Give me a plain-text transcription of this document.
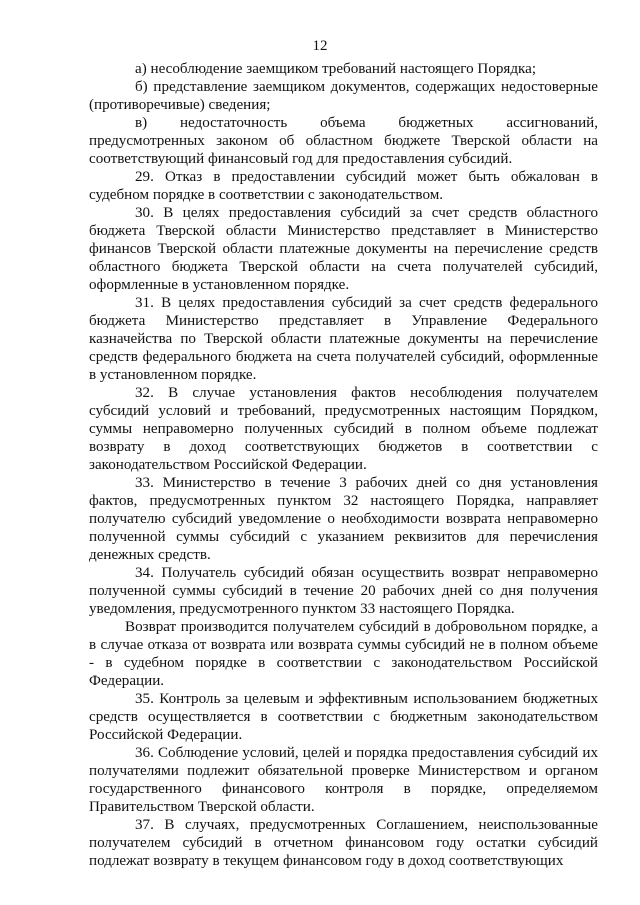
12

а) несоблюдение заемщиком требований настоящего Порядка;

б) представление заемщиком документов, содержащих недостоверные (противоречивые) сведения;

в) недостаточность объема бюджетных ассигнований, предусмотренных законом об областном бюджете Тверской области на соответствующий финансовый год для предоставления субсидий.

29. Отказ в предоставлении субсидий может быть обжалован в судебном порядке в соответствии с законодательством.

30. В целях предоставления субсидий за счет средств областного бюджета Тверской области Министерство представляет в Министерство финансов Тверской области платежные документы на перечисление средств областного бюджета Тверской области на счета получателей субсидий, оформленные в установленном порядке.

31. В целях предоставления субсидий за счет средств федерального бюджета Министерство представляет в Управление Федерального казначейства по Тверской области платежные документы на перечисление средств федерального бюджета на счета получателей субсидий, оформленные в установленном порядке.

32. В случае установления фактов несоблюдения получателем субсидий условий и требований, предусмотренных настоящим Порядком, суммы неправомерно полученных субсидий в полном объеме подлежат возврату в доход соответствующих бюджетов в соответствии с законодательством Российской Федерации.

33. Министерство в течение 3 рабочих дней со дня установления фактов, предусмотренных пунктом 32 настоящего Порядка, направляет получателю субсидий уведомление о необходимости возврата неправомерно полученной суммы субсидий с указанием реквизитов для перечисления денежных средств.

34. Получатель субсидий обязан осуществить возврат неправомерно полученной суммы субсидий в течение 20 рабочих дней со дня получения уведомления, предусмотренного пунктом 33 настоящего Порядка.

Возврат производится получателем субсидий в добровольном порядке, а в случае отказа от возврата или возврата суммы субсидий не в полном объеме - в судебном порядке в соответствии с законодательством Российской Федерации.

35. Контроль за целевым и эффективным использованием бюджетных средств осуществляется в соответствии с бюджетным законодательством Российской Федерации.

36. Соблюдение условий, целей и порядка предоставления субсидий их получателями подлежит обязательной проверке Министерством и органом государственного финансового контроля в порядке, определяемом Правительством Тверской области.

37. В случаях, предусмотренных Соглашением, неиспользованные получателем субсидий в отчетном финансовом году остатки субсидий подлежат возврату в текущем финансовом году в доход соответствующих
